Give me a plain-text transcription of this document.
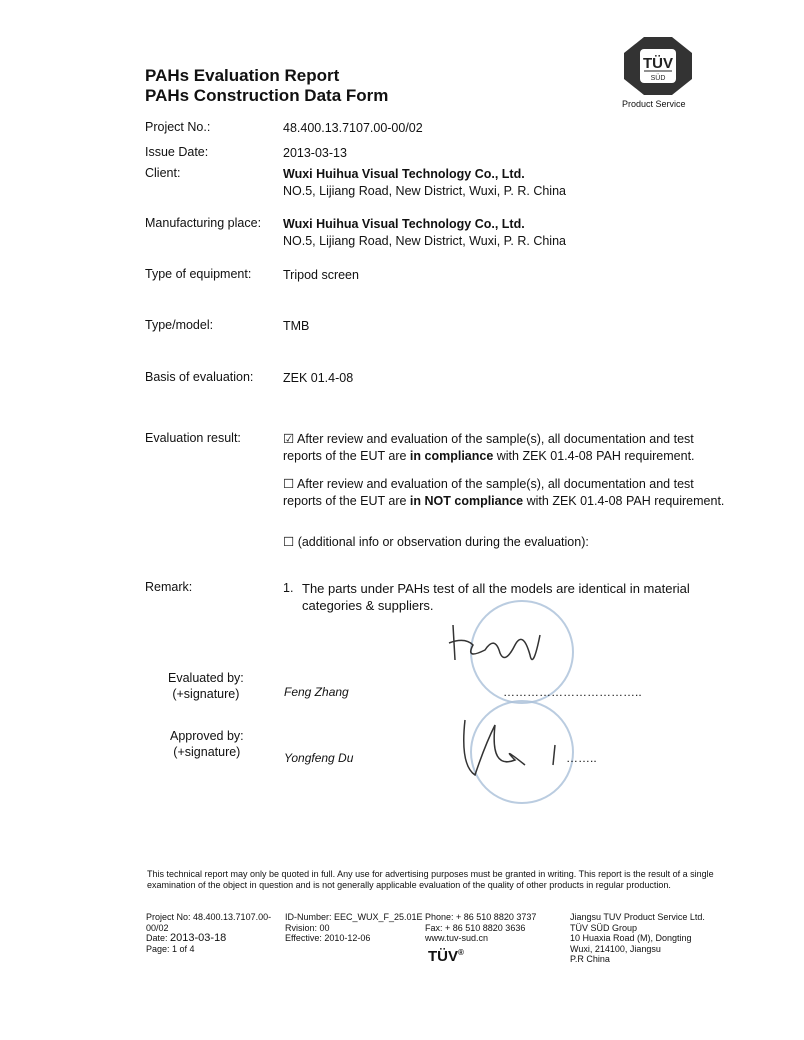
PAHs Evaluation Report
PAHs Construction Data Form
TÜV
SÜD
Product Service
Project No.:	48.400.13.7107.00-00/02
Issue Date:	2013-03-13
Client:	Wuxi Huihua Visual Technology Co., Ltd.
NO.5, Lijiang Road, New District, Wuxi, P. R. China
Manufacturing place: Wuxi Huihua Visual Technology Co., Ltd.
NO.5, Lijiang Road, New District, Wuxi, P. R. China
Type of equipment:	Tripod screen
Type/model:	TMB
Basis of evaluation: ZEK 01.4-08
Evaluation result:	☑ After review and evaluation of the sample(s), all documentation and test reports of the EUT are in compliance with ZEK 01.4-08 PAH requirement.
☐ After review and evaluation of the sample(s), all documentation and test reports of the EUT are in NOT compliance with ZEK 01.4-08 PAH requirement.
☐ (additional info or observation during the evaluation):
Remark:	1. The parts under PAHs test of all the models are identical in material categories & suppliers.
Evaluated by:
(+signature)	Feng Zhang	……………………………..
Approved by:
(+signature)	Yongfeng Du	……..
This technical report may only be quoted in full. Any use for advertising purposes must be granted in writing. This report is the result of a single examination of the object in question and is not generally applicable evaluation of the quality of other products in regular production.
Project No: 48.400.13.7107.00-00/02
Date: 2013-03-18
Page: 1 of 4
ID-Number: EEC_WUX_F_25.01E
Rvision: 00
Effective: 2010-12-06
Phone: + 86 510 8820 3737
Fax: + 86 510 8820 3636
www.tuv-sud.cn
TÜV®
Jiangsu TUV Product Service Ltd.
TÜV SÜD Group
10 Huaxia Road (M), Dongting
Wuxi, 214100, Jiangsu
P.R China
